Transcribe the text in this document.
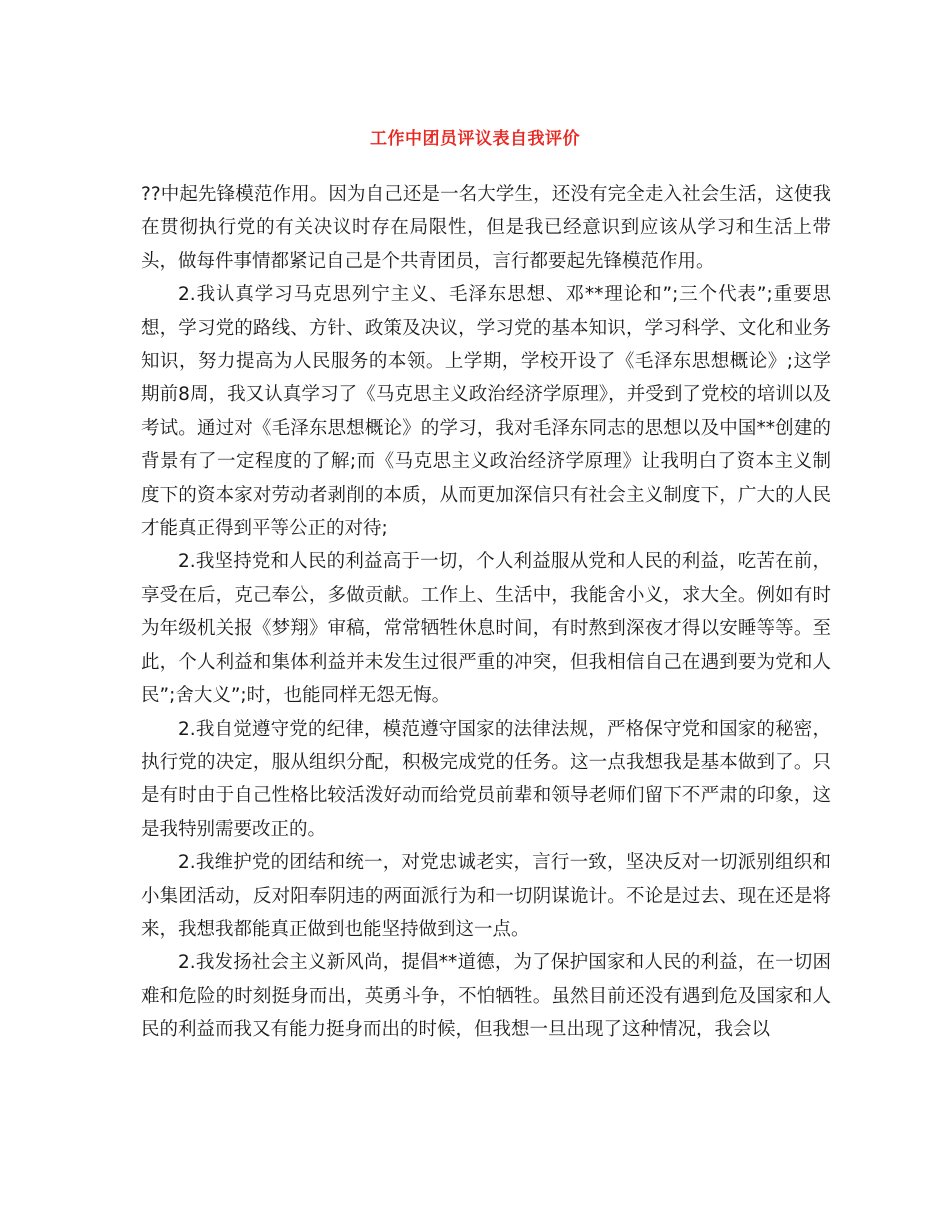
工作中团员评议表自我评价

??中起先锋模范作用。因为自己还是一名大学生，还没有完全走入社会生活，这使我在贯彻执行党的有关决议时存在局限性，但是我已经意识到应该从学习和生活上带头，做每件事情都紧记自己是个共青团员，言行都要起先锋模范作用。

2.我认真学习马克思列宁主义、毛泽东思想、邓**理论和”;三个代表”;重要思想，学习党的路线、方针、政策及决议，学习党的基本知识，学习科学、文化和业务知识，努力提高为人民服务的本领。上学期，学校开设了《毛泽东思想概论》;这学期前8周，我又认真学习了《马克思主义政治经济学原理》，并受到了党校的培训以及考试。通过对《毛泽东思想概论》的学习，我对毛泽东同志的思想以及中国**创建的背景有了一定程度的了解;而《马克思主义政治经济学原理》让我明白了资本主义制度下的资本家对劳动者剥削的本质，从而更加深信只有社会主义制度下，广大的人民才能真正得到平等公正的对待;

2.我坚持党和人民的利益高于一切，个人利益服从党和人民的利益，吃苦在前，享受在后，克己奉公，多做贡献。工作上、生活中，我能舍小义，求大全。例如有时为年级机关报《梦翔》审稿，常常牺牲休息时间，有时熬到深夜才得以安睡等等。至此，个人利益和集体利益并未发生过很严重的冲突，但我相信自己在遇到要为党和人民”;舍大义”;时，也能同样无怨无悔。

2.我自觉遵守党的纪律，模范遵守国家的法律法规，严格保守党和国家的秘密，执行党的决定，服从组织分配，积极完成党的任务。这一点我想我是基本做到了。只是有时由于自己性格比较活泼好动而给党员前辈和领导老师们留下不严肃的印象，这是我特别需要改正的。

2.我维护党的团结和统一，对党忠诚老实，言行一致，坚决反对一切派别组织和小集团活动，反对阳奉阴违的两面派行为和一切阴谋诡计。不论是过去、现在还是将来，我想我都能真正做到也能坚持做到这一点。

2.我发扬社会主义新风尚，提倡**道德，为了保护国家和人民的利益，在一切困难和危险的时刻挺身而出，英勇斗争，不怕牺牲。虽然目前还没有遇到危及国家和人民的利益而我又有能力挺身而出的时候，但我想一旦出现了这种情况，我会以
